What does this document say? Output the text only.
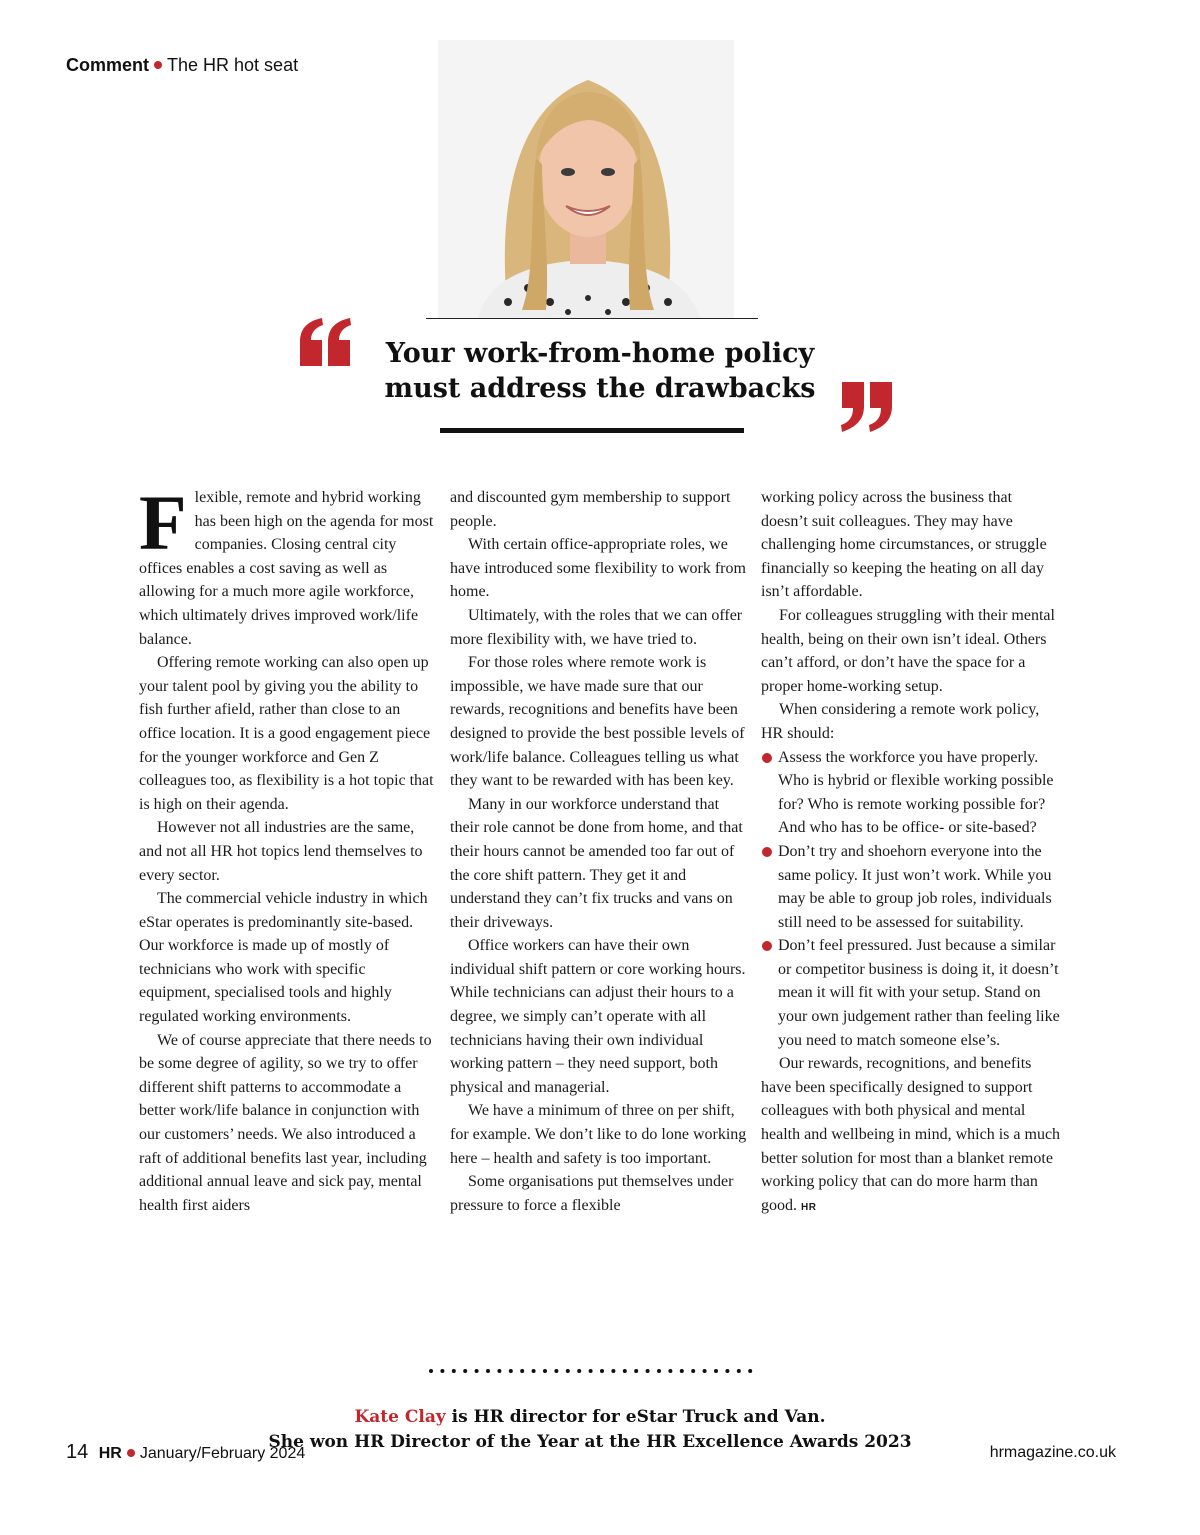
Comment The HR hot seat
Your work-from-home policy
must address the drawbacks

Flexible, remote and hybrid working has been high on the agenda for most companies. Closing central city offices enables a cost saving as well as allowing for a much more agile workforce, which ultimately drives improved work/life balance.

Offering remote working can also open up your talent pool by giving you the ability to fish further afield, rather than close to an office location. It is a good engagement piece for the younger workforce and Gen Z colleagues too, as flexibility is a hot topic that is high on their agenda.

However not all industries are the same, and not all HR hot topics lend themselves to every sector.

The commercial vehicle industry in which eStar operates is predominantly site-based. Our workforce is made up of mostly of technicians who work with specific equipment, specialised tools and highly regulated working environments.

We of course appreciate that there needs to be some degree of agility, so we try to offer different shift patterns to accommodate a better work/life balance in conjunction with our customers’ needs. We also introduced a raft of additional benefits last year, including additional annual leave and sick pay, mental health first aiders

and discounted gym membership to support people.

With certain office-appropriate roles, we have introduced some flexibility to work from home.

Ultimately, with the roles that we can offer more flexibility with, we have tried to.

For those roles where remote work is impossible, we have made sure that our rewards, recognitions and benefits have been designed to provide the best possible levels of work/life balance. Colleagues telling us what they want to be rewarded with has been key.

Many in our workforce understand that their role cannot be done from home, and that their hours cannot be amended too far out of the core shift pattern. They get it and understand they can’t fix trucks and vans on their driveways.

Office workers can have their own individual shift pattern or core working hours. While technicians can adjust their hours to a degree, we simply can’t operate with all technicians having their own individual working pattern – they need support, both physical and managerial.

We have a minimum of three on per shift, for example. We don’t like to do lone working here – health and safety is too important.

Some organisations put themselves under pressure to force a flexible

working policy across the business that doesn’t suit colleagues. They may have challenging home circumstances, or struggle financially so keeping the heating on all day isn’t affordable.

For colleagues struggling with their mental health, being on their own isn’t ideal. Others can’t afford, or don’t have the space for a proper home-working setup.

When considering a remote work policy, HR should:

Assess the workforce you have properly. Who is hybrid or flexible working possible for? Who is remote working possible for? And who has to be office- or site-based?

Don’t try and shoehorn everyone into the same policy. It just won’t work. While you may be able to group job roles, individuals still need to be assessed for suitability.

Don’t feel pressured. Just because a similar or competitor business is doing it, it doesn’t mean it will fit with your setup. Stand on your own judgement rather than feeling like you need to match someone else’s.

Our rewards, recognitions, and benefits have been specifically designed to support colleagues with both physical and mental health and wellbeing in mind, which is a much better solution for most than a blanket remote working policy that can do more harm than good. HR

Kate Clay is HR director for eStar Truck and Van.
She won HR Director of the Year at the HR Excellence Awards 2023

14 HR January/February 2024	hrmagazine.co.uk
